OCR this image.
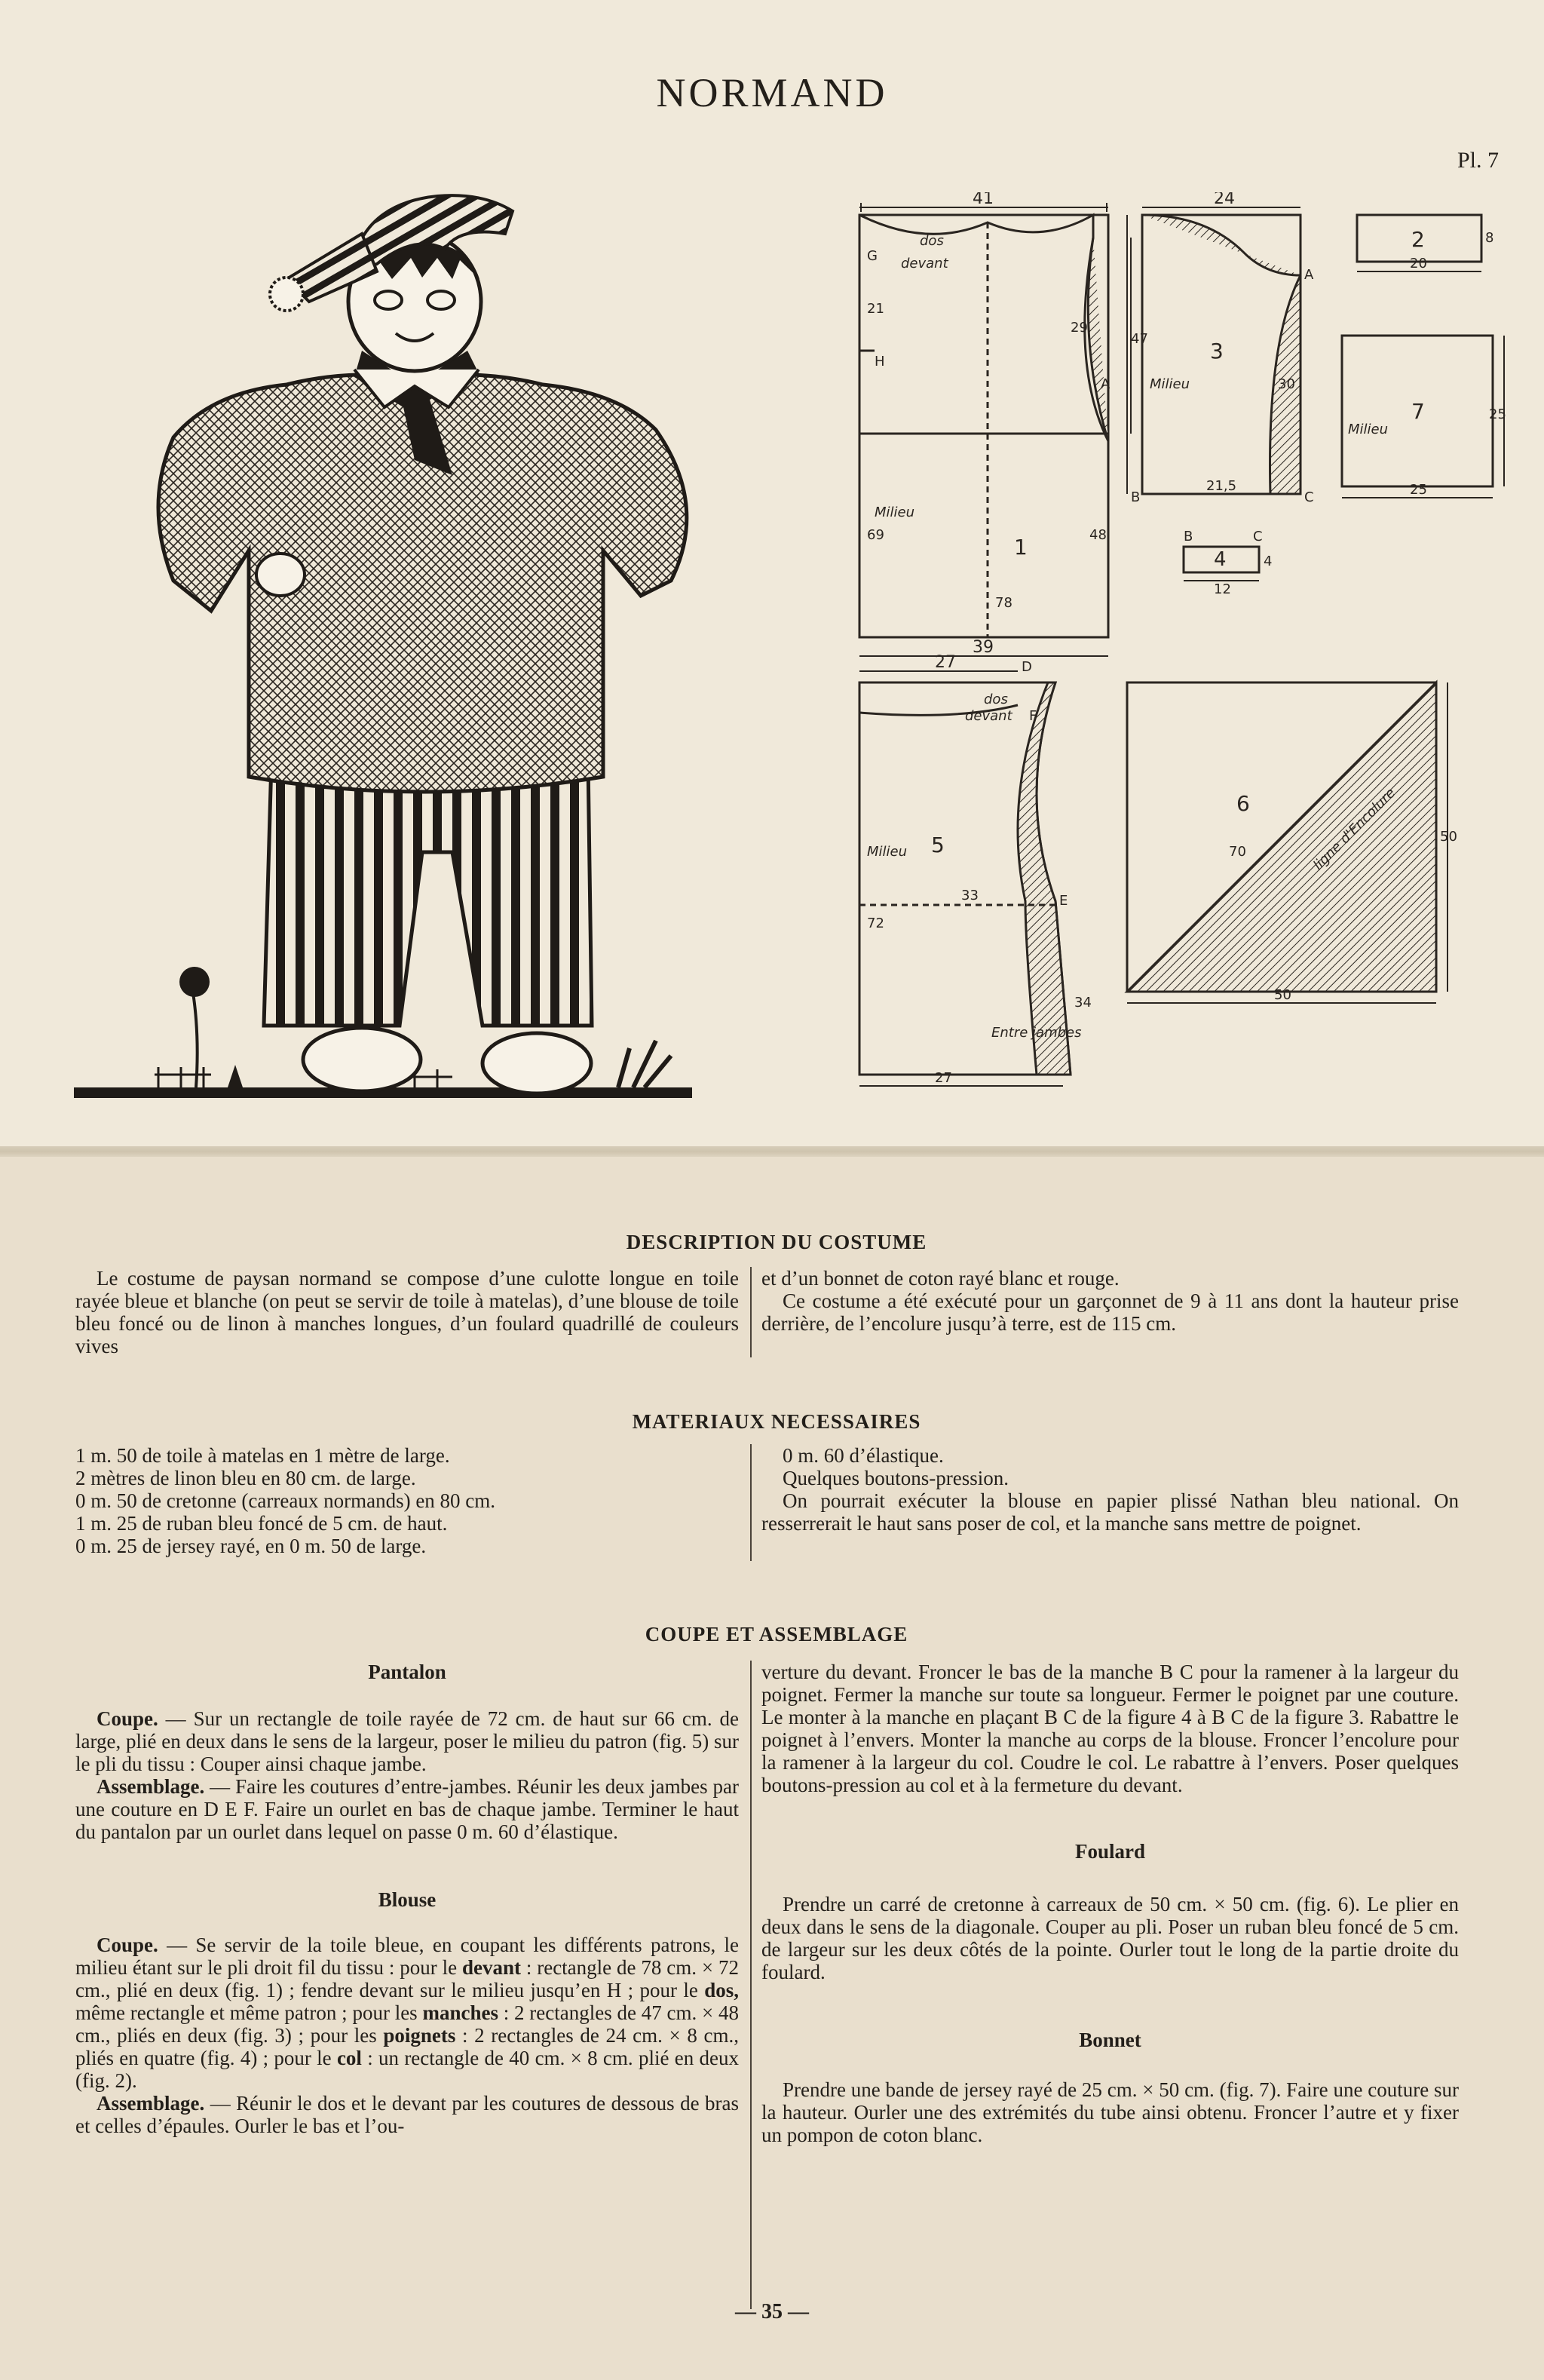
NORMAND
Pl. 7
41
1
dos
devant
G
H
A
Milieu
78
21
29
69	48
39
24
3
Milieu
47
30
B	C
A
21,5
2
20
8
7
Milieu
25
25
4
B	C
12
4
27	D
dos
devant F
5
Milieu
33	E
72
34
Entre jambes
27
6	ligne d'Encolure
70
50
50
DESCRIPTION DU COSTUME

Le costume de paysan normand se compose d’une culotte longue en toile rayée bleue et blanche (on peut se servir de toile à matelas), d’une blouse de toile bleu foncé ou de linon à manches longues, d’un foulard quadrillé de couleurs vives

et d’un bonnet de coton rayé blanc et rouge.

Ce costume a été exécuté pour un garçonnet de 9 à 11 ans dont la hauteur prise derrière, de l’encolure jusqu’à terre, est de 115 cm.

MATERIAUX NECESSAIRES

1 m. 50 de toile à matelas en 1 mètre de large.

2 mètres de linon bleu en 80 cm. de large.

0 m. 50 de cretonne (carreaux normands) en 80 cm.

1 m. 25 de ruban bleu foncé de 5 cm. de haut.

0 m. 25 de jersey rayé, en 0 m. 50 de large.

0 m. 60 d’élastique.

Quelques boutons-pression.

On pourrait exécuter la blouse en papier plissé Nathan bleu national. On resserrerait le haut sans poser de col, et la manche sans mettre de poignet.

COUPE ET ASSEMBLAGE

Pantalon

Coupe. — Sur un rectangle de toile rayée de 72 cm. de haut sur 66 cm. de large, plié en deux dans le sens de la largeur, poser le milieu du patron (fig. 5) sur le pli du tissu : Couper ainsi chaque jambe.

Assemblage. — Faire les coutures d’entre-jambes. Réunir les deux jambes par une couture en D E F. Faire un ourlet en bas de chaque jambe. Terminer le haut du pantalon par un ourlet dans lequel on passe 0 m. 60 d’élastique.

Blouse

Coupe. — Se servir de la toile bleue, en coupant les différents patrons, le milieu étant sur le pli droit fil du tissu : pour le devant : rectangle de 78 cm. × 72 cm., plié en deux (fig. 1) ; fendre devant sur le milieu jusqu’en H ; pour le dos, même rectangle et même patron ; pour les manches : 2 rectangles de 47 cm. × 48 cm., pliés en deux (fig. 3) ; pour les poignets : 2 rectangles de 24 cm. × 8 cm., pliés en quatre (fig. 4) ; pour le col : un rectangle de 40 cm. × 8 cm. plié en deux (fig. 2).

Assemblage. — Réunir le dos et le devant par les coutures de dessous de bras et celles d’épaules. Ourler le bas et l’ou-

verture du devant. Froncer le bas de la manche B C pour la ramener à la largeur du poignet. Fermer la manche sur toute sa longueur. Fermer le poignet par une couture. Le monter à la manche en plaçant B C de la figure 4 à B C de la figure 3. Rabattre le poignet à l’envers. Monter la manche au corps de la blouse. Froncer l’encolure pour la ramener à la largeur du col. Coudre le col. Le rabattre à l’envers. Poser quelques boutons-pression au col et à la fermeture du devant.

Foulard

Prendre un carré de cretonne à carreaux de 50 cm. × 50 cm. (fig. 6). Le plier en deux dans le sens de la diagonale. Couper au pli. Poser un ruban bleu foncé de 5 cm. de largeur sur les deux côtés de la pointe. Ourler tout le long de la partie droite du foulard.

Bonnet

Prendre une bande de jersey rayé de 25 cm. × 50 cm. (fig. 7). Faire une couture sur la hauteur. Ourler une des extrémités du tube ainsi obtenu. Froncer l’autre et y fixer un pompon de coton blanc.

— 35 —
